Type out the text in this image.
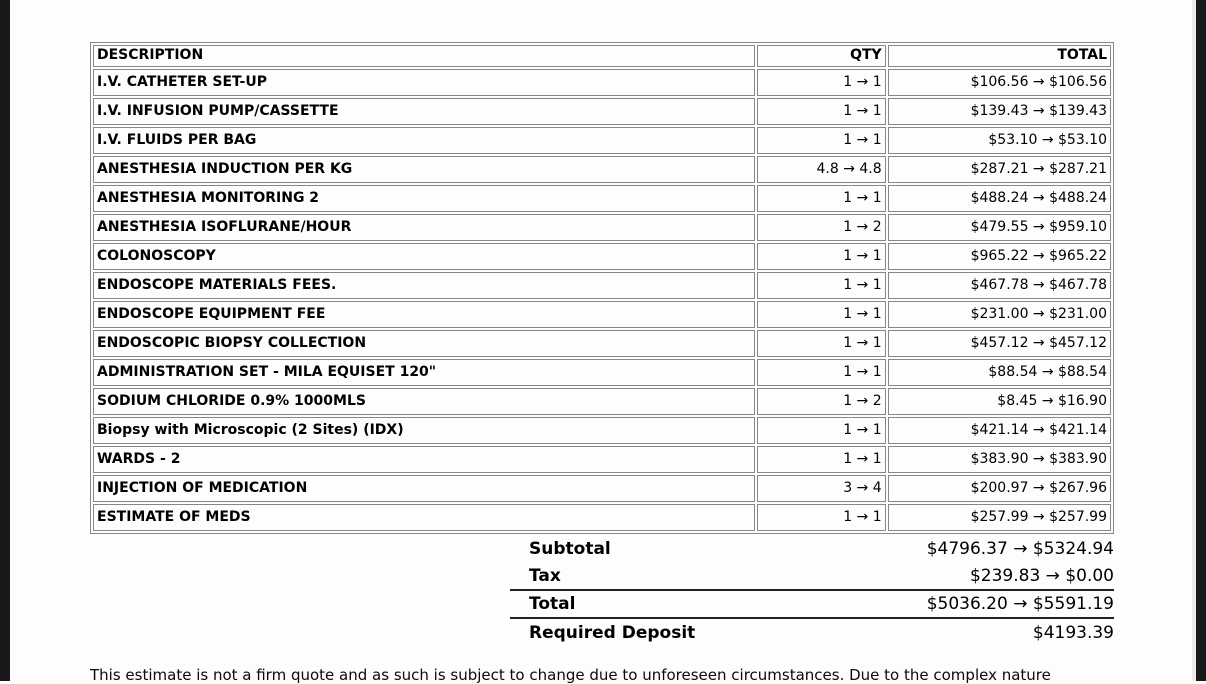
DESCRIPTION	QTY	TOTAL
I.V. CATHETER SET-UP	1 → 1	$106.56 → $106.56
I.V. INFUSION PUMP/CASSETTE	1 → 1	$139.43 → $139.43
I.V. FLUIDS PER BAG	1 → 1	$53.10 → $53.10
ANESTHESIA INDUCTION PER KG	4.8 → 4.8	$287.21 → $287.21
ANESTHESIA MONITORING 2	1 → 1	$488.24 → $488.24
ANESTHESIA ISOFLURANE/HOUR	1 → 2	$479.55 → $959.10
COLONOSCOPY	1 → 1	$965.22 → $965.22
ENDOSCOPE MATERIALS FEES.	1 → 1	$467.78 → $467.78
ENDOSCOPE EQUIPMENT FEE	1 → 1	$231.00 → $231.00
ENDOSCOPIC BIOPSY COLLECTION	1 → 1	$457.12 → $457.12
ADMINISTRATION SET - MILA EQUISET 120"	1 → 1	$88.54 → $88.54
SODIUM CHLORIDE 0.9% 1000MLS	1 → 2	$8.45 → $16.90
Biopsy with Microscopic (2 Sites) (IDX)	1 → 1	$421.14 → $421.14
WARDS - 2	1 → 1	$383.90 → $383.90
INJECTION OF MEDICATION	3 → 4	$200.97 → $267.96
ESTIMATE OF MEDS	1 → 1	$257.99 → $257.99
Subtotal	$4796.37 → $5324.94
Tax	$239.83 → $0.00
Total	$5036.20 → $5591.19
Required Deposit	$4193.39
This estimate is not a firm quote and as such is subject to change due to unforeseen circumstances. Due to the complex nature
